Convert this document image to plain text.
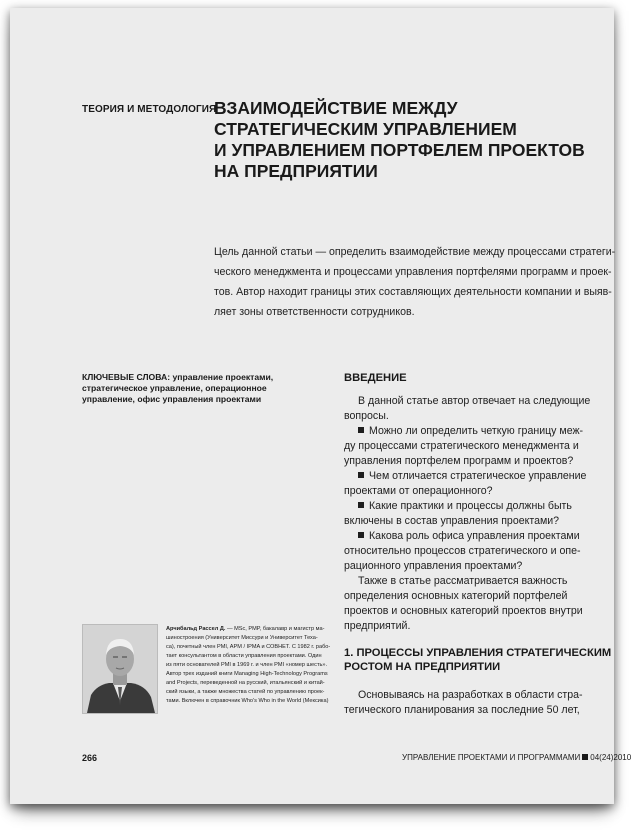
ТЕОРИЯ И МЕТОДОЛОГИЯ
ВЗАИМОДЕЙСТВИЕ МЕЖДУ
СТРАТЕГИЧЕСКИМ УПРАВЛЕНИЕМ
И УПРАВЛЕНИЕМ ПОРТФЕЛЕМ ПРОЕКТОВ
НА ПРЕДПРИЯТИИ
Цель данной статьи — определить взаимодействие между процессами стратеги-
ческого менеджмента и процессами управления портфелями программ и проек-
тов. Автор находит границы этих составляющих деятельности компании и выяв-
ляет зоны ответственности сотрудников.
КЛЮЧЕВЫЕ СЛОВА: управление проектами, стратегическое управление, операционное управление, офис управления проектами
ВВЕДЕНИЕ
В данной статье автор отвечает на следующие
вопросы.
Можно ли определить четкую границу меж-
ду процессами стратегического менеджмента и
управления портфелем программ и проектов?
Чем отличается стратегическое управление
проектами от операционного?
Какие практики и процессы должны быть
включены в состав управления проектами?
Какова роль офиса управления проектами
относительно процессов стратегического и опе-
рационного управления проектами?
Также в статье рассматривается важность
определения основных категорий портфелей
проектов и основных категорий проектов внутри
предприятий.
1. ПРОЦЕССЫ УПРАВЛЕНИЯ СТРАТЕГИЧЕСКИМ
РОСТОМ НА ПРЕДПРИЯТИИ
Основываясь на разработках в области стра-
тегического планирования за последние 50 лет,
Арчибальд Рассел Д. — MSc, PMP, бакалавр и магистр ма-
шиностроения (Университет Миссури и Университет Теха-
са), почетный член PMI, APM / IPMA и СОВНЕТ. С 1982 г. рабо-
тает консультантом в области управления проектами. Один
из пяти основателей PMI в 1969 г. и член PMI «номер шесть».
Автор трех изданий книги Managing High-Technology Programs
and Projects, переведенной на русский, итальянский и китай-
ский языки, а также множества статей по управлению проек-
тами. Включен в справочник Who's Who in the World (Мексика)
266	УПРАВЛЕНИЕ ПРОЕКТАМИ И ПРОГРАММАМИ 04(24)2010
